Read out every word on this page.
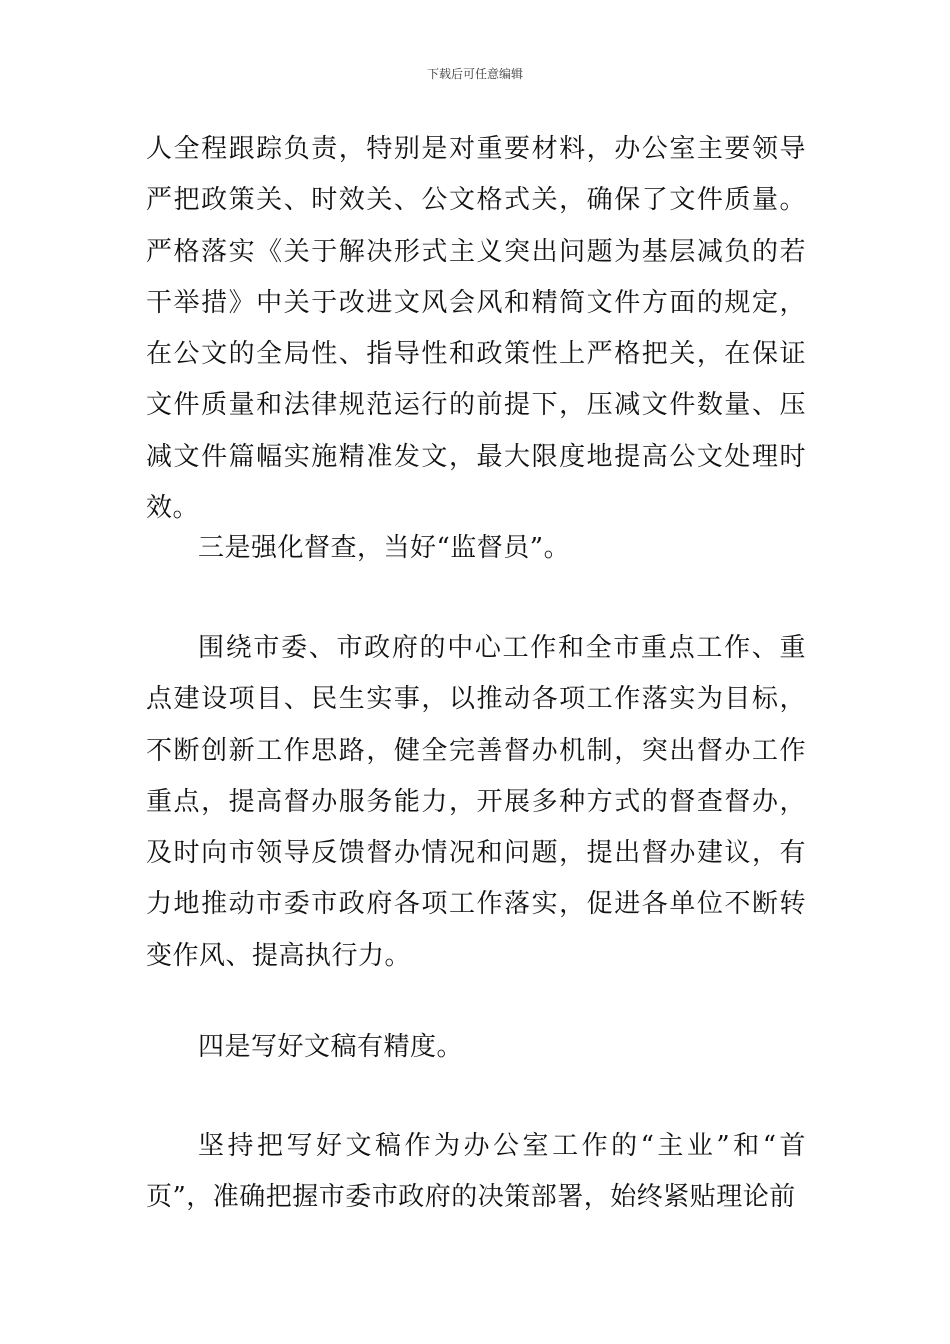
下载后可任意编辑

人全程跟踪负责，特别是对重要材料，办公室主要领导严把政策关、时效关、公文格式关，确保了文件质量。严格落实《关于解决形式主义突出问题为基层减负的若干举措》中关于改进文风会风和精简文件方面的规定，在公文的全局性、指导性和政策性上严格把关，在保证文件质量和法律规范运行的前提下，压减文件数量、压减文件篇幅实施精准发文，最大限度地提高公文处理时效。

三是强化督查，当好“监督员”。

围绕市委、市政府的中心工作和全市重点工作、重点建设项目、民生实事，以推动各项工作落实为目标，不断创新工作思路，健全完善督办机制，突出督办工作重点，提高督办服务能力，开展多种方式的督查督办，及时向市领导反馈督办情况和问题，提出督办建议，有力地推动市委市政府各项工作落实，促进各单位不断转变作风、提高执行力。

四是写好文稿有精度。

坚持把写好文稿作为办公室工作的“主业”和“首页”，准确把握市委市政府的决策部署，始终紧贴理论前
